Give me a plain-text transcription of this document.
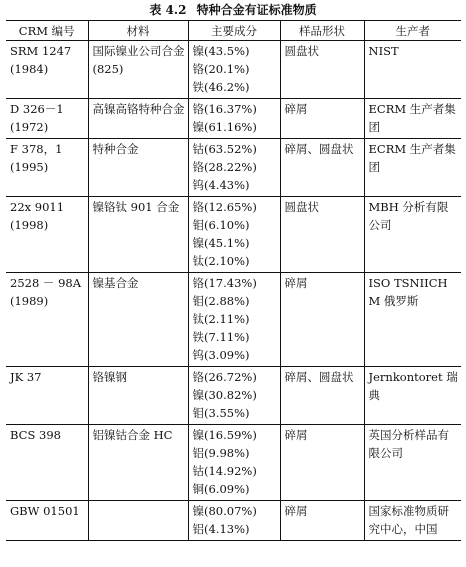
表 4.2 特种合金有证标准物质
CRM 编号	材料	主要成分	样品形状	生产者

SRM 1247
(1984)	国际镍业公司合金(825)	镍(43.5%)
铬(20.1%)
铁(46.2%)	圆盘状	NIST

D 326－1
(1972)	高镍高铬特种合金	铬(16.37%)
镍(61.16%)	碎屑	ECRM 生产者集团

F 378，1
(1995)	特种合金	钴(63.52%)
铬(28.22%)
钨(4.43%)	碎屑、圆盘状	ECRM 生产者集团

22x 9011
(1998)	镍铬钛 901 合金	铬(12.65%)
钼(6.10%)
镍(45.1%)
钛(2.10%)	圆盘状	MBH 分析有限公司

2528 － 98A
(1989)	镍基合金	铬(17.43%)
钼(2.88%)
钛(2.11%)
铁(7.11%)
钨(3.09%)	碎屑	ISO TSNIICHM 俄罗斯

JK 37	铬镍钢	铬(26.72%)
镍(30.82%)
钼(3.55%)	碎屑、圆盘状	Jernkontoret 瑞典

BCS 398	铝镍钴合金 HC	镍(16.59%)
铝(9.98%)
钴(14.92%)
铜(6.09%)	碎屑	英国分析样品有限公司

GBW 01501		镍(80.07%)
铝(4.13%)	碎屑	国家标准物质研究中心，中国
